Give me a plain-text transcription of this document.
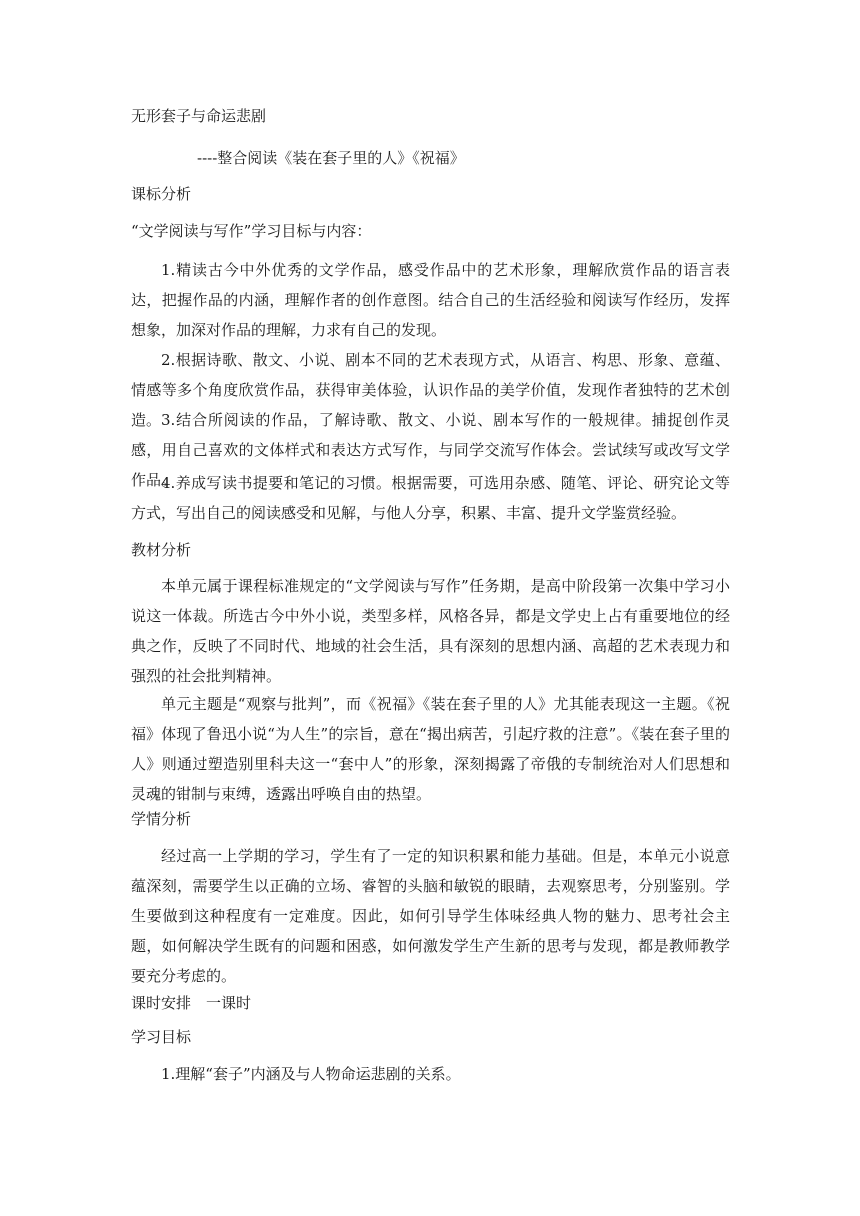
无形套子与命运悲剧
----整合阅读《装在套子里的人》《祝福》
课标分析
“文学阅读与写作”学习目标与内容：
1.精读古今中外优秀的文学作品，感受作品中的艺术形象，理解欣赏作品的语言表达，把握作品的内涵，理解作者的创作意图。结合自己的生活经验和阅读写作经历，发挥想象，加深对作品的理解，力求有自己的发现。
2.根据诗歌、散文、小说、剧本不同的艺术表现方式，从语言、构思、形象、意蕴、情感等多个角度欣赏作品，获得审美体验，认识作品的美学价值，发现作者独特的艺术创造。 3.结合所阅读的作品，了解诗歌、散文、小说、剧本写作的一般规律。捕捉创作灵感，用自己喜欢的文体样式和表达方式写作，与同学交流写作体会。尝试续写或改写文学作品。
4.养成写读书提要和笔记的习惯。根据需要，可选用杂感、随笔、评论、研究论文等方式，写出自己的阅读感受和见解，与他人分享，积累、丰富、提升文学鉴赏经验。
教材分析
本单元属于课程标准规定的“文学阅读与写作”任务期，是高中阶段第一次集中学习小说这一体裁。所选古今中外小说，类型多样，风格各异，都是文学史上占有重要地位的经典之作，反映了不同时代、地域的社会生活，具有深刻的思想内涵、高超的艺术表现力和强烈的社会批判精神。
单元主题是“观察与批判”，而《祝福》《装在套子里的人》尤其能表现这一主题。《祝福》体现了鲁迅小说“为人生”的宗旨，意在“揭出病苦，引起疗救的注意”。《装在套子里的人》则通过塑造别里科夫这一“套中人”的形象，深刻揭露了帝俄的专制统治对人们思想和灵魂的钳制与束缚，透露出呼唤自由的热望。
学情分析
经过高一上学期的学习，学生有了一定的知识积累和能力基础。但是，本单元小说意蕴深刻，需要学生以正确的立场、睿智的头脑和敏锐的眼睛，去观察思考，分别鉴别。学生要做到这种程度有一定难度。因此，如何引导学生体味经典人物的魅力、思考社会主题，如何解决学生既有的问题和困惑，如何激发学生产生新的思考与发现，都是教师教学要充分考虑的。
课时安排　一课时
学习目标
1.理解“套子”内涵及与人物命运悲剧的关系。
